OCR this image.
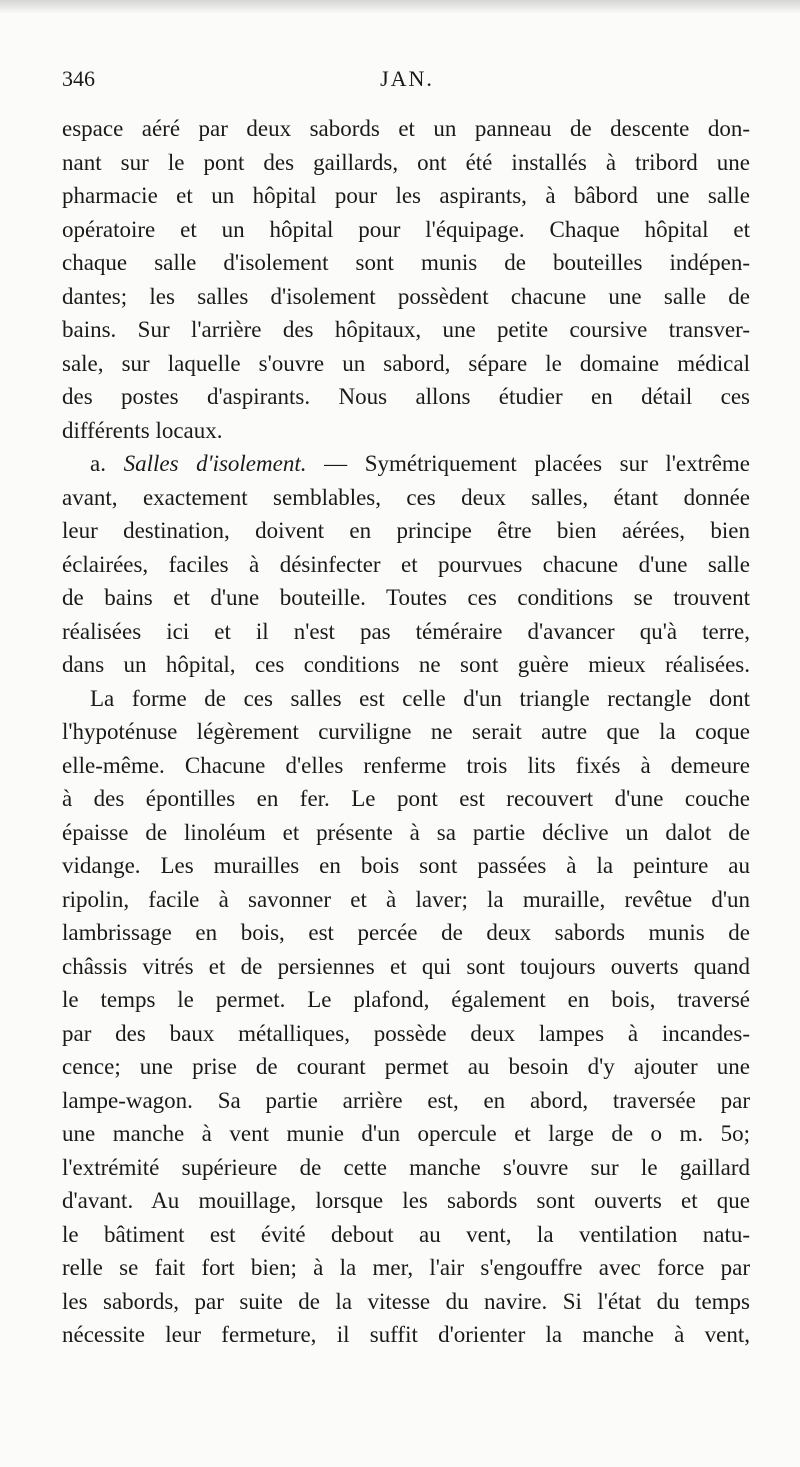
346	JAN.
espace aéré par deux sabords et un panneau de descente don-
nant sur le pont des gaillards, ont été installés à tribord une
pharmacie et un hôpital pour les aspirants, à bâbord une salle
opératoire et un hôpital pour l'équipage. Chaque hôpital et
chaque salle d'isolement sont munis de bouteilles indépen-
dantes; les salles d'isolement possèdent chacune une salle de
bains. Sur l'arrière des hôpitaux, une petite coursive transver-
sale, sur laquelle s'ouvre un sabord, sépare le domaine médical
des postes d'aspirants. Nous allons étudier en détail ces
différents locaux.
a. Salles d'isolement. — Symétriquement placées sur l'extrême
avant, exactement semblables, ces deux salles, étant donnée
leur destination, doivent en principe être bien aérées, bien
éclairées, faciles à désinfecter et pourvues chacune d'une salle
de bains et d'une bouteille. Toutes ces conditions se trouvent
réalisées ici et il n'est pas téméraire d'avancer qu'à terre,
dans un hôpital, ces conditions ne sont guère mieux réalisées.
La forme de ces salles est celle d'un triangle rectangle dont
l'hypoténuse légèrement curviligne ne serait autre que la coque
elle-même. Chacune d'elles renferme trois lits fixés à demeure
à des épontilles en fer. Le pont est recouvert d'une couche
épaisse de linoléum et présente à sa partie déclive un dalot de
vidange. Les murailles en bois sont passées à la peinture au
ripolin, facile à savonner et à laver; la muraille, revêtue d'un
lambrissage en bois, est percée de deux sabords munis de
châssis vitrés et de persiennes et qui sont toujours ouverts quand
le temps le permet. Le plafond, également en bois, traversé
par des baux métalliques, possède deux lampes à incandes-
cence; une prise de courant permet au besoin d'y ajouter une
lampe-wagon. Sa partie arrière est, en abord, traversée par
une manche à vent munie d'un opercule et large de o m. 5o;
l'extrémité supérieure de cette manche s'ouvre sur le gaillard
d'avant. Au mouillage, lorsque les sabords sont ouverts et que
le bâtiment est évité debout au vent, la ventilation natu-
relle se fait fort bien; à la mer, l'air s'engouffre avec force par
les sabords, par suite de la vitesse du navire. Si l'état du temps
nécessite leur fermeture, il suffit d'orienter la manche à vent,
